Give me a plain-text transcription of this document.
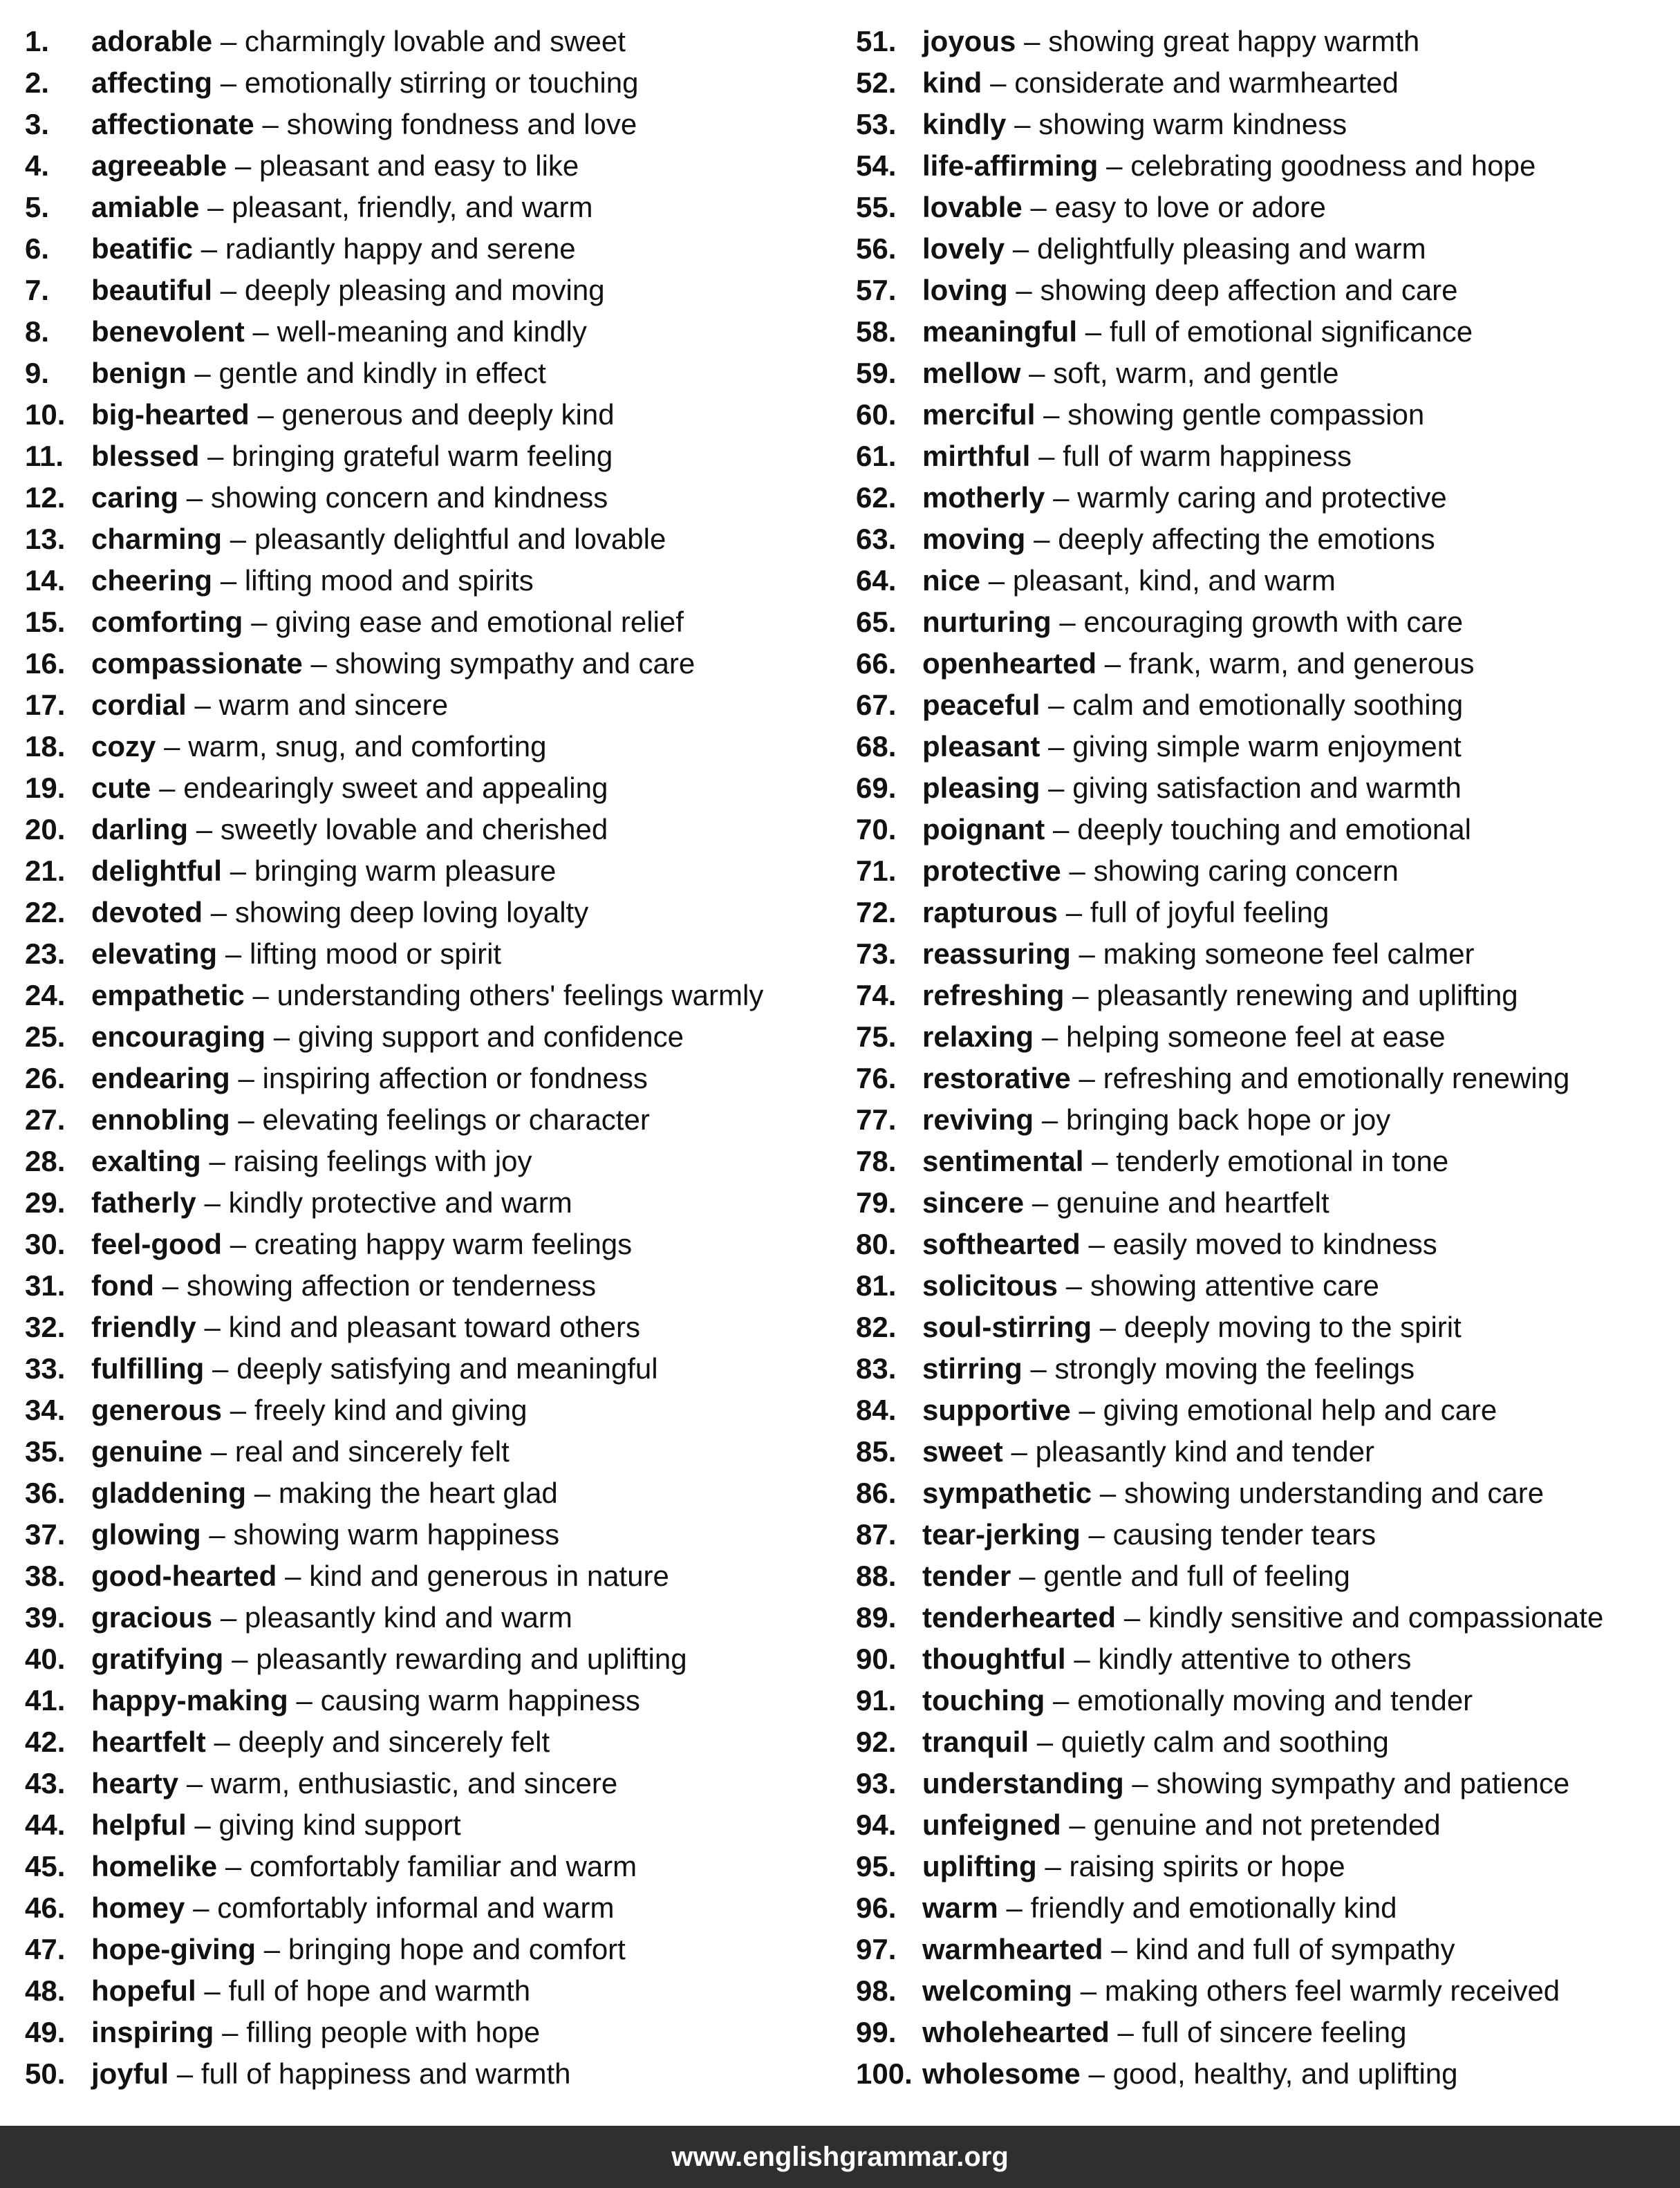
1.	adorable – charmingly lovable and sweet
2.	affecting – emotionally stirring or touching
3.	affectionate – showing fondness and love
4.	agreeable – pleasant and easy to like
5.	amiable – pleasant, friendly, and warm
6.	beatific – radiantly happy and serene
7.	beautiful – deeply pleasing and moving
8.	benevolent – well-meaning and kindly
9.	benign – gentle and kindly in effect
10. big-hearted – generous and deeply kind
11. blessed – bringing grateful warm feeling
12. caring – showing concern and kindness
13. charming – pleasantly delightful and lovable
14. cheering – lifting mood and spirits
15. comforting – giving ease and emotional relief
16. compassionate – showing sympathy and care
17. cordial – warm and sincere
18. cozy – warm, snug, and comforting
19. cute – endearingly sweet and appealing
20. darling – sweetly lovable and cherished
21. delightful – bringing warm pleasure
22. devoted – showing deep loving loyalty
23. elevating – lifting mood or spirit
24. empathetic – understanding others' feelings warmly
25. encouraging – giving support and confidence
26. endearing – inspiring affection or fondness
27. ennobling – elevating feelings or character
28. exalting – raising feelings with joy
29. fatherly – kindly protective and warm
30. feel-good – creating happy warm feelings
31. fond – showing affection or tenderness
32. friendly – kind and pleasant toward others
33. fulfilling – deeply satisfying and meaningful
34. generous – freely kind and giving
35. genuine – real and sincerely felt
36. gladdening – making the heart glad
37. glowing – showing warm happiness
38. good-hearted – kind and generous in nature
39. gracious – pleasantly kind and warm
40. gratifying – pleasantly rewarding and uplifting
41. happy-making – causing warm happiness
42. heartfelt – deeply and sincerely felt
43. hearty – warm, enthusiastic, and sincere
44. helpful – giving kind support
45. homelike – comfortably familiar and warm
46. homey – comfortably informal and warm
47. hope-giving – bringing hope and comfort
48. hopeful – full of hope and warmth
49. inspiring – filling people with hope
50. joyful – full of happiness and warmth
51. joyous – showing great happy warmth
52. kind – considerate and warmhearted
53. kindly – showing warm kindness
54. life-affirming – celebrating goodness and hope
55. lovable – easy to love or adore
56. lovely – delightfully pleasing and warm
57. loving – showing deep affection and care
58. meaningful – full of emotional significance
59. mellow – soft, warm, and gentle
60. merciful – showing gentle compassion
61. mirthful – full of warm happiness
62. motherly – warmly caring and protective
63. moving – deeply affecting the emotions
64. nice – pleasant, kind, and warm
65. nurturing – encouraging growth with care
66. openhearted – frank, warm, and generous
67. peaceful – calm and emotionally soothing
68. pleasant – giving simple warm enjoyment
69. pleasing – giving satisfaction and warmth
70. poignant – deeply touching and emotional
71. protective – showing caring concern
72. rapturous – full of joyful feeling
73. reassuring – making someone feel calmer
74. refreshing – pleasantly renewing and uplifting
75. relaxing – helping someone feel at ease
76. restorative – refreshing and emotionally renewing
77. reviving – bringing back hope or joy
78. sentimental – tenderly emotional in tone
79. sincere – genuine and heartfelt
80. softhearted – easily moved to kindness
81. solicitous – showing attentive care
82. soul-stirring – deeply moving to the spirit
83. stirring – strongly moving the feelings
84. supportive – giving emotional help and care
85. sweet – pleasantly kind and tender
86. sympathetic – showing understanding and care
87. tear-jerking – causing tender tears
88. tender – gentle and full of feeling
89. tenderhearted – kindly sensitive and compassionate
90. thoughtful – kindly attentive to others
91. touching – emotionally moving and tender
92. tranquil – quietly calm and soothing
93. understanding – showing sympathy and patience
94. unfeigned – genuine and not pretended
95. uplifting – raising spirits or hope
96. warm – friendly and emotionally kind
97. warmhearted – kind and full of sympathy
98. welcoming – making others feel warmly received
99. wholehearted – full of sincere feeling
100. wholesome – good, healthy, and uplifting
www.englishgrammar.org
